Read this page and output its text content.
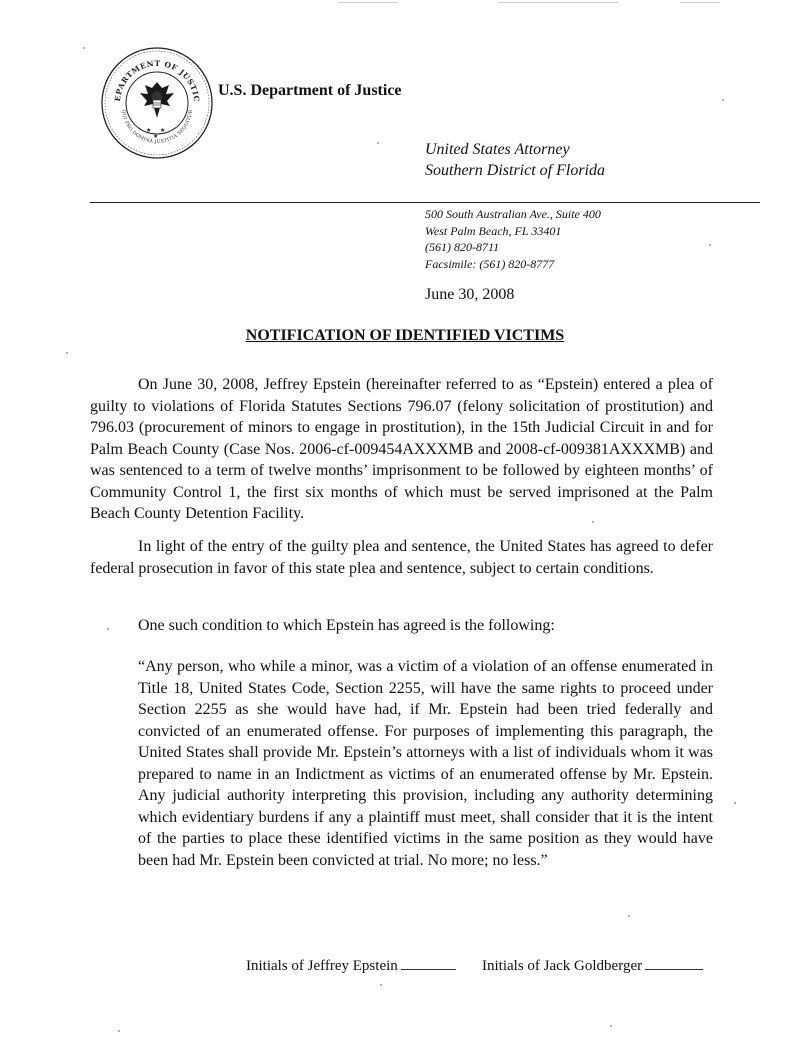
EPARTMENT OF JUSTIC
QUI PRO DOMINA JUSTITIA SEQUITUR
★ ★
★
U.S. Department of Justice
United States Attorney
Southern District of Florida
500 South Australian Ave., Suite 400
West Palm Beach, FL 33401
(561) 820-8711
Facsimile: (561) 820-8777
June 30, 2008
NOTIFICATION OF IDENTIFIED VICTIMS
On June 30, 2008, Jeffrey Epstein (hereinafter referred to as “Epstein) entered a plea of guilty to violations of Florida Statutes Sections 796.07 (felony solicitation of prostitution) and 796.03 (procurement of minors to engage in prostitution), in the 15th Judicial Circuit in and for Palm Beach County (Case Nos. 2006-cf-009454AXXXMB and 2008-cf-009381AXXXMB) and was sentenced to a term of twelve months’ imprisonment to be followed by eighteen months’ of Community Control 1, the first six months of which must be served imprisoned at the Palm Beach County Detention Facility.
In light of the entry of the guilty plea and sentence, the United States has agreed to defer federal prosecution in favor of this state plea and sentence, subject to certain conditions.
One such condition to which Epstein has agreed is the following:
“Any person, who while a minor, was a victim of a violation of an offense enumerated in Title 18, United States Code, Section 2255, will have the same rights to proceed under Section 2255 as she would have had, if Mr. Epstein had been tried federally and convicted of an enumerated offense. For purposes of implementing this paragraph, the United States shall provide Mr. Epstein’s attorneys with a list of individuals whom it was prepared to name in an Indictment as victims of an enumerated offense by Mr. Epstein. Any judicial authority interpreting this provision, including any authority determining which evidentiary burdens if any a plaintiff must meet, shall consider that it is the intent of the parties to place these identified victims in the same position as they would have been had Mr. Epstein been convicted at trial. No more; no less.”
Initials of Jeffrey Epstein	Initials of Jack Goldberger
